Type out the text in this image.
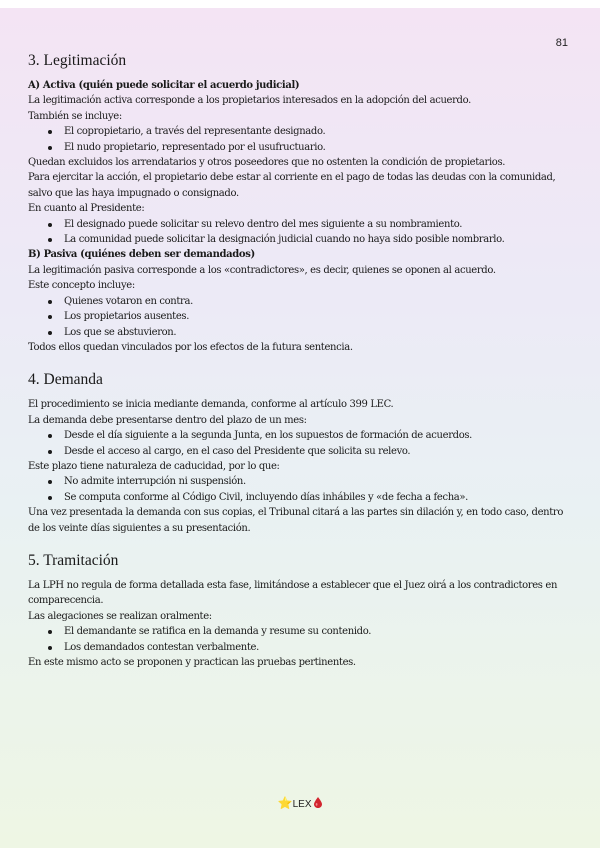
81
3. Legitimación

A) Activa (quién puede solicitar el acuerdo judicial)

La legitimación activa corresponde a los propietarios interesados en la adopción del acuerdo.

También se incluye:

El copropietario, a través del representante designado.
El nudo propietario, representado por el usufructuario.

Quedan excluidos los arrendatarios y otros poseedores que no ostenten la condición de propietarios.

Para ejercitar la acción, el propietario debe estar al corriente en el pago de todas las deudas con la comunidad, salvo que las haya impugnado o consignado.

En cuanto al Presidente:

El designado puede solicitar su relevo dentro del mes siguiente a su nombramiento.
La comunidad puede solicitar la designación judicial cuando no haya sido posible nombrarlo.

B) Pasiva (quiénes deben ser demandados)

La legitimación pasiva corresponde a los «contradictores», es decir, quienes se oponen al acuerdo.

Este concepto incluye:

Quienes votaron en contra.
Los propietarios ausentes.
Los que se abstuvieron.

Todos ellos quedan vinculados por los efectos de la futura sentencia.

4. Demanda

El procedimiento se inicia mediante demanda, conforme al artículo 399 LEC.

La demanda debe presentarse dentro del plazo de un mes:

Desde el día siguiente a la segunda Junta, en los supuestos de formación de acuerdos.
Desde el acceso al cargo, en el caso del Presidente que solicita su relevo.

Este plazo tiene naturaleza de caducidad, por lo que:

No admite interrupción ni suspensión.
Se computa conforme al Código Civil, incluyendo días inhábiles y «de fecha a fecha».

Una vez presentada la demanda con sus copias, el Tribunal citará a las partes sin dilación y, en todo caso, dentro de los veinte días siguientes a su presentación.

5. Tramitación

La LPH no regula de forma detallada esta fase, limitándose a establecer que el Juez oirá a los contradictores en comparecencia.

Las alegaciones se realizan oralmente:

El demandante se ratifica en la demanda y resume su contenido.
Los demandados contestan verbalmente.

En este mismo acto se proponen y practican las pruebas pertinentes.

⭐LEX
